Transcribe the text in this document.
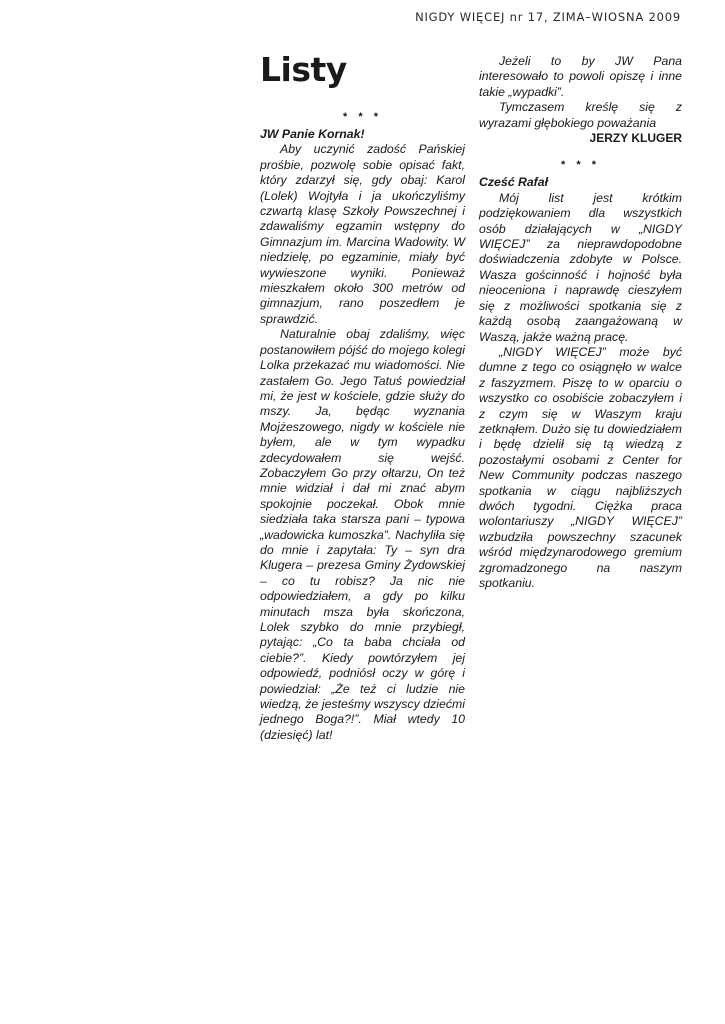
NIGDY WIĘCEJ nr 17, ZIMA–WIOSNA 2009
Listy

* * *

JW Panie Kornak!

Aby uczynić zadość Pańskiej prośbie, pozwolę sobie opisać fakt, który zdarzył się, gdy obaj: Karol (Lolek) Wojtyła i ja ukończyliśmy czwartą klasę Szkoły Powszechnej i zdawaliśmy egzamin wstępny do Gimnazjum im. Marcina Wadowity. W niedzielę, po egzaminie, miały być wywieszone wyniki. Ponieważ mieszkałem około 300 metrów od gimnazjum, rano poszedłem je sprawdzić.

Naturalnie obaj zdaliśmy, więc postanowiłem pójść do mojego kolegi Lolka przekazać mu wiadomości. Nie zastałem Go. Jego Tatuś powiedział mi, że jest w kościele, gdzie służy do mszy. Ja, będąc wyznania Mojżeszowego, nigdy w kościele nie byłem, ale w tym wypadku zdecydowałem się wejść. Zobaczyłem Go przy ołtarzu, On też mnie widział i dał mi znać abym spokojnie poczekał. Obok mnie siedziała taka starsza pani – typowa „wadowicka kumoszka”. Nachyliła się do mnie i zapytała: Ty – syn dra Klugera – prezesa Gminy Żydowskiej – co tu robisz? Ja nic nie odpowiedziałem, a gdy po kilku minutach msza była skończona, Lolek szybko do mnie przybiegł, pytając: „Co ta baba chciała od ciebie?”. Kiedy powtórzyłem jej odpowiedź, podniósł oczy w górę i powiedział: „Że też ci ludzie nie wiedzą, że jesteśmy wszyscy dziećmi jednego Boga?!”. Miał wtedy 10 (dziesięć) lat!

Jeżeli to by JW Pana interesowało to powoli opiszę i inne takie „wypadki”.

Tymczasem kreślę się z wyrazami głębokiego poważania

JERZY KLUGER

* * *

Cześć Rafał

Mój list jest krótkim podziękowaniem dla wszystkich osób działających w „NIGDY WIĘCEJ” za nieprawdopodobne doświadczenia zdobyte w Polsce. Wasza gościnność i hojność była nieoceniona i naprawdę cieszyłem się z możliwości spotkania się z każdą osobą zaangażowaną w Waszą, jakże ważną pracę.

„NIGDY WIĘCEJ” może być dumne z tego co osiągnęło w walce z faszyzmem. Piszę to w oparciu o wszystko co osobiście zobaczyłem i z czym się w Waszym kraju zetknąłem. Dużo się tu dowiedziałem i będę dzielił się tą wiedzą z pozostałymi osobami z Center for New Community podczas naszego spotkania w ciągu najbliższych dwóch tygodni. Ciężka praca wolontariuszy „NIGDY WIĘCEJ” wzbudziła powszechny szacunek wśród międzynarodowego gremium zgromadzonego na naszym spotkaniu.
